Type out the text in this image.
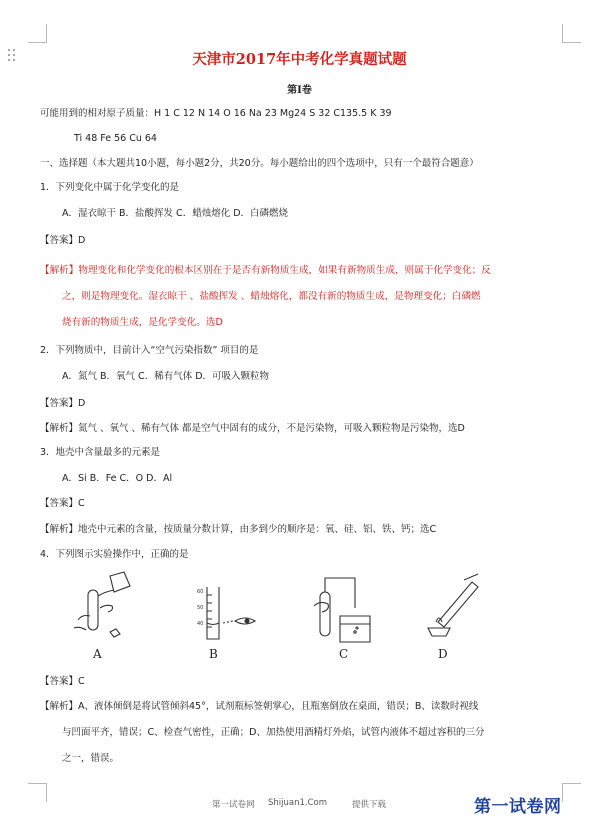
天津市2017年中考化学真题试题
第I卷
可能用到的相对原子质量：H 1 C 12 N 14 O 16 Na 23 Mg24 S 32 C135.5 K 39
Ti 48 Fe 56 Cu 64
一、选择题（本大题共10小题，每小题2分，共20分。每小题给出的四个选项中，只有一个最符合题意）
1．下列变化中属于化学变化的是
A．湿衣晾干 B．盐酸挥发 C．蜡烛熔化 D．白磷燃烧
【答案】D
【解析】物理变化和化学变化的根本区别在于是否有新物质生成，如果有新物质生成，则属于化学变化；反
之，则是物理变化。湿衣晾干 、盐酸挥发 、蜡烛熔化，都没有新的物质生成，是物理变化；白磷燃
烧有新的物质生成，是化学变化。选D
2．下列物质中，目前计入“空气污染指数” 项目的是
A．氮气 B．氧气 C．稀有气体 D．可吸入颗粒物
【答案】D
【解析】氮气 、氧气 、稀有气体 都是空气中固有的成分，不是污染物，可吸入颗粒物是污染物，选D
3．地壳中含量最多的元素是
A．Si B．Fe C．O D．Al
【答案】C
【解析】地壳中元素的含量，按质量分数计算，由多到少的顺序是：氧、硅、铝、铁、钙；选C
4．下列图示实验操作中，正确的是
A
60
50
40
B	C	D
【答案】C
【解析】A、液体倾倒是将试管倾斜45°，试剂瓶标签朝掌心，且瓶塞倒放在桌面，错误；B、读数时视线
与凹面平齐，错误；C、检查气密性，正确；D、加热使用酒精灯外焰，试管内液体不超过容积的三分
之一，错误。
第一试卷网 Shijuan1.Com	提供下载	第一试卷网
